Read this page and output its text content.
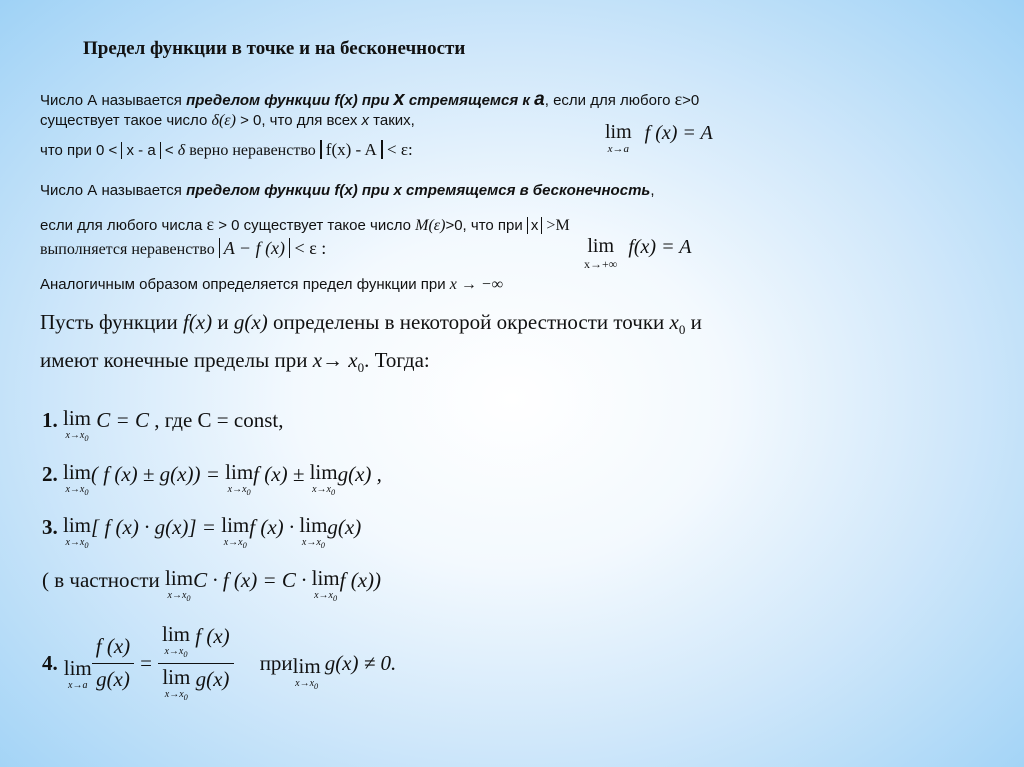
Предел функции в точке и на бесконечности
Число А называется пределом функции f(x) при х стремящемся к а, если для любого ε>0
существует такое число δ(ε) > 0, что для всех х таких,
что при 0 < х - а < δ верно неравенство f(x) - A < ε:
lim
x→a
f (x) = A
Число А называется пределом функции f(x) при x стремящемся в бесконечность,
если для любого числа ε > 0 существует такое число M(ε)>0, что при x >M
выполняется неравенство A − f (x) < ε :	lim
x→+∞
f(x) = A
Аналогичным образом определяется предел функции при x → −∞
Пусть функции f(x) и g(x) определены в некоторой окрестности точки $x_0$ и
имеют конечные пределы при $x\to x_0$. Тогда:
1. lim
$x\to x_0$
C = C , где С = const,
2. lim
$x\to x_0$
( f (x) ± g(x)) = lim
$x\to x_0$
f (x) ± lim
$x\to x_0$
g(x) ,
3. lim
$x\to x_0$
[ f (x) · g(x)] = lim
$x\to x_0$
f (x) · lim
$x\to x_0$
g(x)
( в частности lim
$x\to x_0$
C · f (x) = C · lim
$x\to x_0$
f (x))
4. lim
$x\to a \frac{f (x)}{g(x)} = \lim$
$x\to x_0$
f (x)
lim
$x\to x_0$
g(x) при lim
$x\to x_0$
g(x) ≠ 0.
